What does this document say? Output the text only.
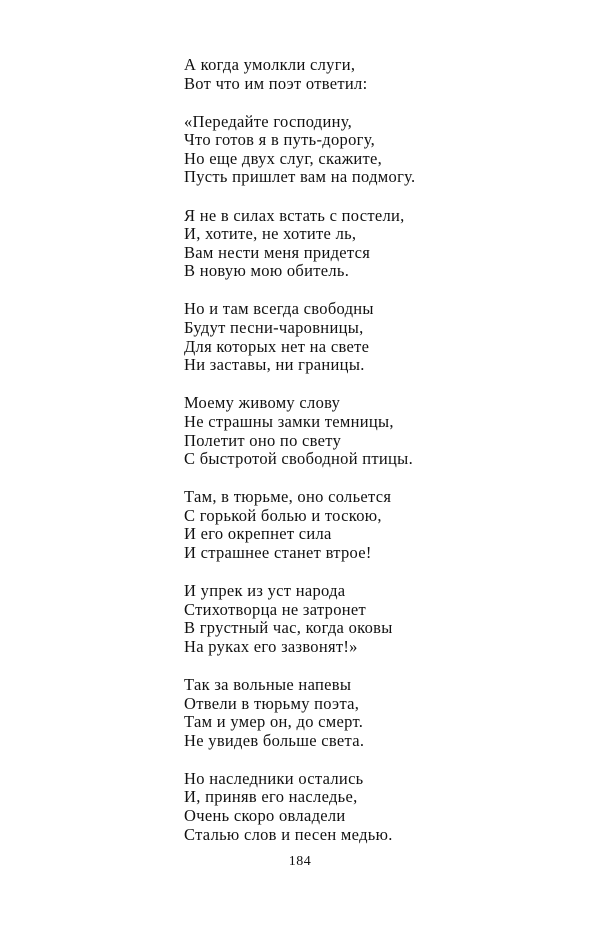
А когда умолкли слуги,
Вот что им поэт ответил:
«Передайте господину,
Что готов я в путь-дорогу,
Но еще двух слуг, скажите,
Пусть пришлет вам на подмогу.
Я не в силах встать с постели,
И, хотите, не хотите ль,
Вам нести меня придется
В новую мою обитель.
Но и там всегда свободны
Будут песни-чаровницы,
Для которых нет на свете
Ни заставы, ни границы.
Моему живому слову
Не страшны замки темницы,
Полетит оно по свету
С быстротой свободной птицы.
Там, в тюрьме, оно сольется
С горькой болью и тоскою,
И его окрепнет сила
И страшнее станет втрое!
И упрек из уст народа
Стихотворца не затронет
В грустный час, когда оковы
На руках его зазвонят!»
Так за вольные напевы
Отвели в тюрьму поэта,
Там и умер он, до смерт.
Не увидев больше света.
Но наследники остались
И, приняв его наследье,
Очень скоро овладели
Сталью слов и песен медью.
184
